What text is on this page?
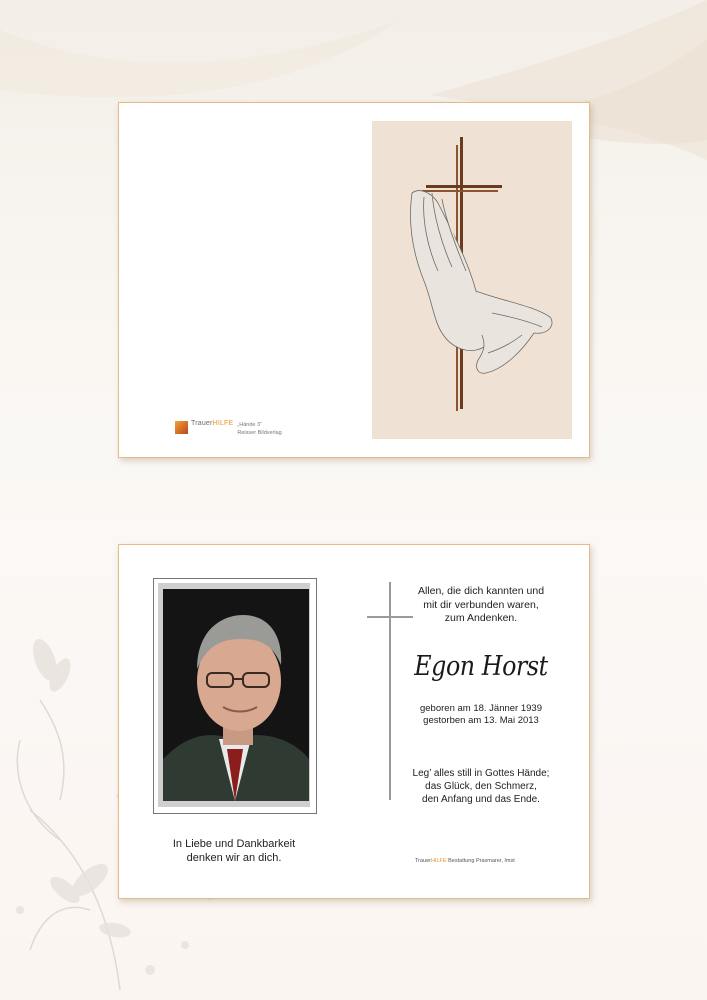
TrauerHILFE „Hände 3“
Reisser Bildverlag
In Liebe und Dankbarkeit
denken wir an dich.
Allen, die dich kannten und
mit dir verbunden waren,
zum Andenken.
Egon Horst
geboren am 18. Jänner 1939
gestorben am 13. Mai 2013
Leg’ alles still in Gottes Hände;
das Glück, den Schmerz,
den Anfang und das Ende.
TrauerHILFE Bestattung Praxmarer, Imst
